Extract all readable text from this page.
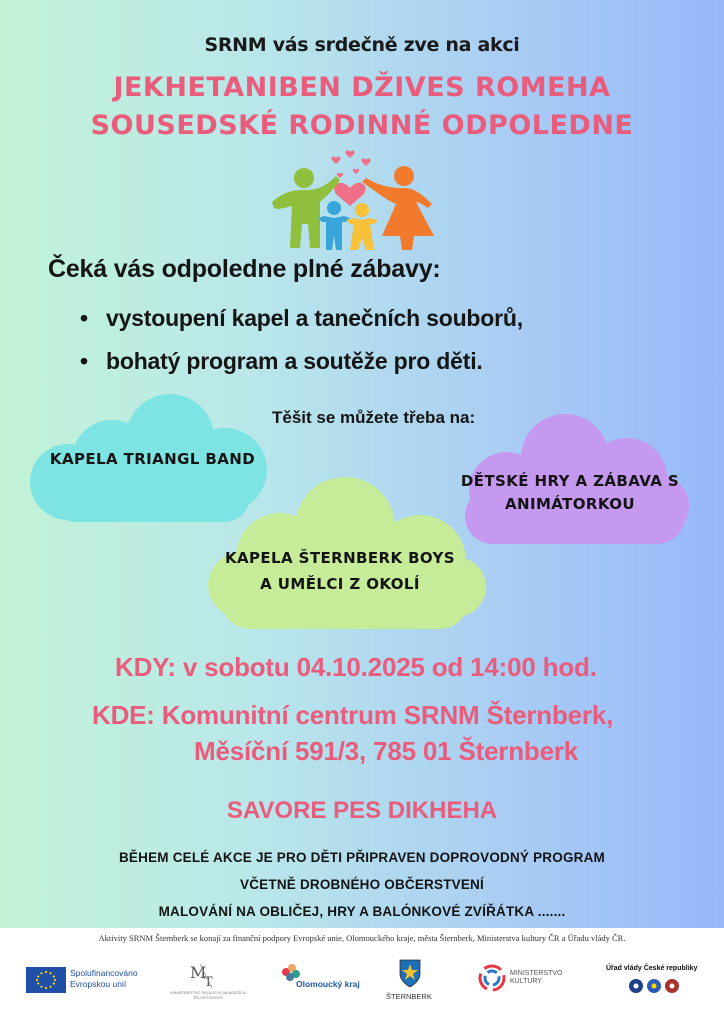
SRNM vás srdečně zve na akci
JEKHETANIBEN DŽIVES ROMEHA
SOUSEDSKÉ RODINNÉ ODPOLEDNE
Čeká vás odpoledne plné zábavy:
• vystoupení kapel a tanečních souborů,
• bohatý program a soutěže pro děti.
Těšit se můžete třeba na:
KAPELA TRIANGL BAND
DĚTSKÉ HRY A ZÁBAVA S
ANIMÁTORKOU
KAPELA ŠTERNBERK BOYS
A UMĚLCI Z OKOLÍ
KDY: v sobotu 04.10.2025 od 14:00 hod.
KDE: Komunitní centrum SRNM Šternberk,
Měsíční 591/3, 785 01 Šternberk
SAVORE PES DIKHEHA
BĚHEM CELÉ AKCE JE PRO DĚTI PŘIPRAVEN DOPROVODNÝ PROGRAM
VČETNĚ DROBNÉHO OBČERSTVENÍ
MALOVÁNÍ NA OBLIČEJ, HRY A BALÓNKOVÉ ZVÍŘÁTKA .......
Aktivity SRNM Šternberk se konají za finanční podpory Evropské unie, Olomouckého kraje, města Šternberk, Ministerstva kultury ČR a Úřadu vlády ČR.
Spolufinancováno
Evropskou unií
M
T
MINISTERSTVO ŠKOLSTVÍ, MLÁDEŽE A TĚLOVÝCHOVY
Olomoucký kraj
ŠTERNBERK
MINISTERSTVO
KULTURY
Úřad vlády České republiky
